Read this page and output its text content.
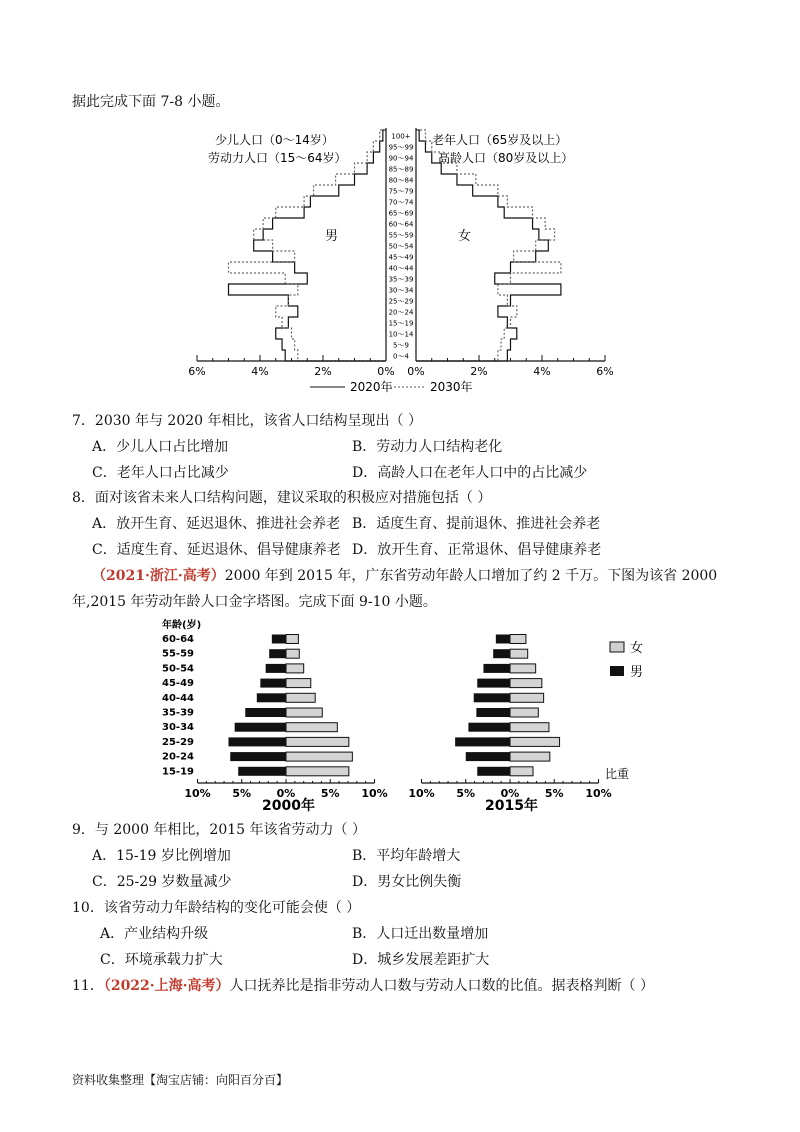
据此完成下面 7-8 小题。
100+
95～99
90～94
85～89
80～84
75～79
70～74
65～69
60～64
55～59
50～54
45～49
40～44
35～39
30～34
25～29
20～24
15～19
10～14
5～9
0～4
6%	4%	2%	0% 0%	2%	4%	6%
少儿人口（0～14岁）
劳动力人口（15～64岁）
老年人口（65岁及以上）
高龄人口（80岁及以上）
男	女
2020年	2030年
7．2030 年与 2020 年相比，该省人口结构呈现出（ ）
A．少儿人口占比增加	B．劳动力人口结构老化
C．老年人口占比减少	D．高龄人口在老年人口中的占比减少
8．面对该省未来人口结构问题，建议采取的积极应对措施包括（ ）
A．放开生育、延迟退休、推进社会养老 B．适度生育、提前退休、推进社会养老
C．适度生育、延迟退休、倡导健康养老 D．放开生育、正常退休、倡导健康养老
（2021·浙江·高考）2000 年到 2015 年，广东省劳动年龄人口增加了约 2 千万。下图为该省 2000
年,2015 年劳动年龄人口金字塔图。完成下面 9-10 小题。
年龄(岁)
60-64
55-59
50-54
45-49
40-44
35-39
30-34
25-29
20-24
15-19
10% 5% 0% 5% 10% 10% 5% 0% 5% 10%
女
男
比重
2000年	2015年
9．与 2000 年相比，2015 年该省劳动力（ ）
A．15-19 岁比例增加	B．平均年龄增大
C．25-29 岁数量减少	D．男女比例失衡
10．该省劳动力年龄结构的变化可能会使（ ）
A．产业结构升级	B．人口迁出数量增加
C．环境承载力扩大	D．城乡发展差距扩大
11．（2022·上海·高考）人口抚养比是指非劳动人口数与劳动人口数的比值。据表格判断（ ）
资料收集整理【淘宝店铺：向阳百分百】
